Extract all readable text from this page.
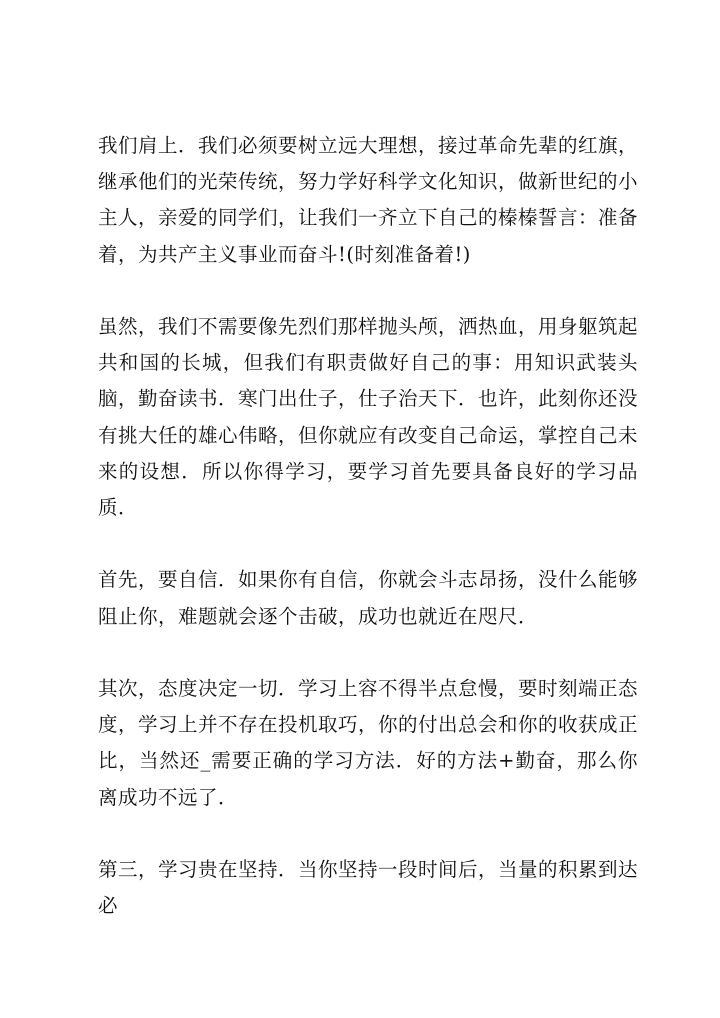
我们肩上．我们必须要树立远大理想，接过革命先辈的红旗，继承他们的光荣传统，努力学好科学文化知识，做新世纪的小主人，亲爱的同学们，让我们一齐立下自己的榛榛誓言：准备着，为共产主义事业而奋斗!(时刻准备着!)

虽然，我们不需要像先烈们那样抛头颅，洒热血，用身躯筑起共和国的长城，但我们有职责做好自己的事：用知识武装头脑，勤奋读书．寒门出仕子，仕子治天下．也许，此刻你还没有挑大任的雄心伟略，但你就应有改变自己命运，掌控自己未来的设想．所以你得学习，要学习首先要具备良好的学习品质．

首先，要自信．如果你有自信，你就会斗志昂扬，没什么能够阻止你，难题就会逐个击破，成功也就近在咫尺．

其次，态度决定一切．学习上容不得半点怠慢，要时刻端正态度，学习上并不存在投机取巧，你的付出总会和你的收获成正比，当然还_需要正确的学习方法．好的方法+勤奋，那么你离成功不远了．

第三，学习贵在坚持．当你坚持一段时间后，当量的积累到达必
